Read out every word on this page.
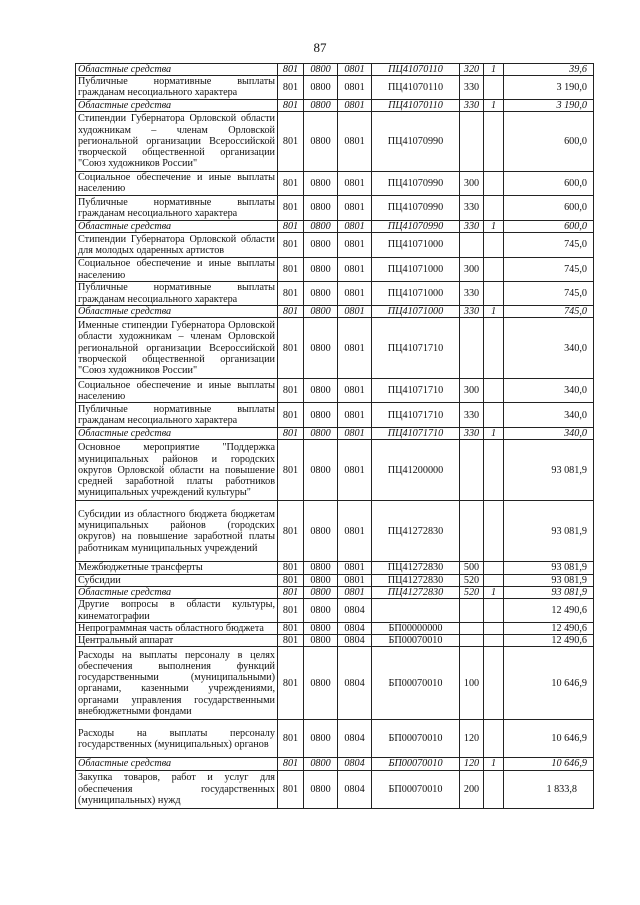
87
Областные средства	801	0800	0801	ПЦ41070110	320	1	39,6
Публичные нормативные выплаты гражданам несоциального характера	801	0800	0801	ПЦ41070110	330		3 190,0
Областные средства	801	0800	0801	ПЦ41070110	330	1	3 190,0
Стипендии Губернатора Орловской области художникам – членам Орловской региональной организации Всероссийской творческой общественной организации "Союз художников России"	801	0800	0801	ПЦ41070990			600,0
Социальное обеспечение и иные выплаты населению	801	0800	0801	ПЦ41070990	300		600,0
Публичные нормативные выплаты гражданам несоциального характера	801	0800	0801	ПЦ41070990	330		600,0
Областные средства	801	0800	0801	ПЦ41070990	330	1	600,0
Стипендии Губернатора Орловской области для молодых одаренных артистов	801	0800	0801	ПЦ41071000			745,0
Социальное обеспечение и иные выплаты населению	801	0800	0801	ПЦ41071000	300		745,0
Публичные нормативные выплаты гражданам несоциального характера	801	0800	0801	ПЦ41071000	330		745,0
Областные средства	801	0800	0801	ПЦ41071000	330	1	745,0
Именные стипендии Губернатора Орловской области художникам – членам Орловской региональной организации Всероссийской творческой общественной организации "Союз художников России"	801	0800	0801	ПЦ41071710			340,0
Социальное обеспечение и иные выплаты населению	801	0800	0801	ПЦ41071710	300		340,0
Публичные нормативные выплаты гражданам несоциального характера	801	0800	0801	ПЦ41071710	330		340,0
Областные средства	801	0800	0801	ПЦ41071710	330	1	340,0
Основное мероприятие "Поддержка муниципальных районов и городских округов Орловской области на повышение средней заработной платы работников муниципальных учреждений культуры"	801	0800	0801	ПЦ41200000			93 081,9
Субсидии из областного бюджета бюджетам муниципальных районов (городских округов) на повышение заработной платы работникам муниципальных учреждений	801	0800	0801	ПЦ41272830			93 081,9
Межбюджетные трансферты	801	0800	0801	ПЦ41272830	500		93 081,9
Субсидии	801	0800	0801	ПЦ41272830	520		93 081,9
Областные средства	801	0800	0801	ПЦ41272830	520	1	93 081,9
Другие вопросы в области культуры, кинематографии	801	0800	0804				12 490,6
Непрограммная часть областного бюджета	801	0800	0804	БП00000000			12 490,6
Центральный аппарат	801	0800	0804	БП00070010			12 490,6
Расходы на выплаты персоналу в целях обеспечения выполнения функций государственными (муниципальными) органами, казенными учреждениями, органами управления государственными внебюджетными фондами	801	0800	0804	БП00070010	100		10 646,9
Расходы на выплаты персоналу государственных (муниципальных) органов	801	0800	0804	БП00070010	120		10 646,9
Областные средства	801	0800	0804	БП00070010	120	1	10 646,9
Закупка товаров, работ и услуг для обеспечения государственных (муниципальных) нужд	801	0800	0804	БП00070010	200		1 833,8
